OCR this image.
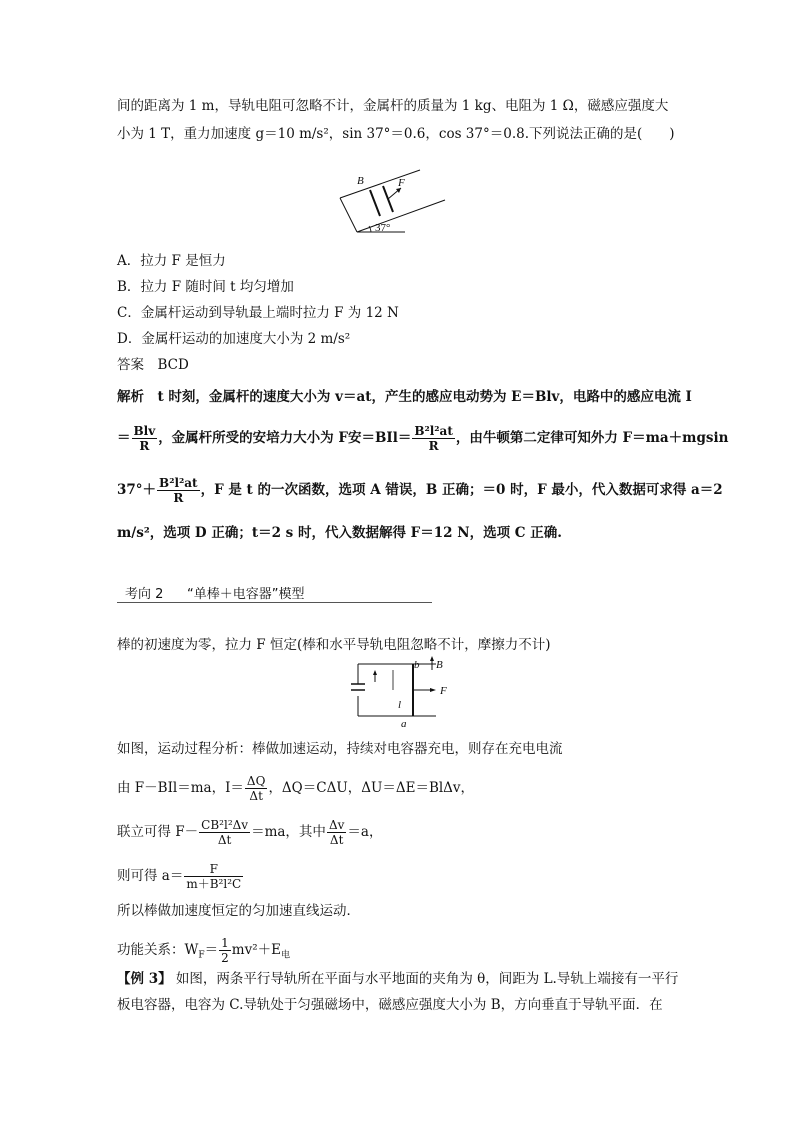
间的距离为 1 m，导轨电阻可忽略不计，金属杆的质量为 1 kg、电阻为 1 Ω，磁感应强度大
小为 1 T，重力加速度 g＝10 m/s²，sin 37°＝0.6，cos 37°＝0.8.下列说法正确的是(　　)
B	F
37°
A．拉力 F 是恒力
B．拉力 F 随时间 t 均匀增加
C．金属杆运动到导轨最上端时拉力 F 为 12 N
D．金属杆运动的加速度大小为 2 m/s²
答案　 BCD
解析　 t 时刻，金属杆的速度大小为 v＝at，产生的感应电动势为 E＝Blv，电路中的感应电流 I
＝ $\frac{\text{Blv}}{R}$ ，金属杆所受的安培力大小为 F安$=BIl= \frac{\text{B²l²at}}{R}$ ，由牛顿第二定律可知外力 F＝ma＋mgsin
$37^\circ+ \frac{\text{B²l²at}}{R}$ ，F 是 t 的一次函数，选项 A 错误，B 正确；＝0 时，F 最小，代入数据可求得 a＝2
m/s²，选项 D 正确；t＝2 s 时，代入数据解得 F＝12 N，选项 C 正确.
考向 2 “单棒＋电容器”模型
棒的初速度为零，拉力 F 恒定(棒和水平导轨电阻忽略不计，摩擦力不计)
b B
F
l
a
如图，运动过程分析：棒做加速运动，持续对电容器充电，则存在充电电流
由 F－BIl＝ma，$I= \frac{\Delta Q}{\Delta t}$ ，ΔQ＝CΔU，ΔU＝ΔE＝BlΔv，
联立可得 $F- \frac{\text{CB²l²Δv}}{\Delta t} =ma$，其中 $\frac{\Delta v}{\Delta t} =a$，
则可得 $a= \frac{F}{\text{m＋B²l²C}}$
所以棒做加速度恒定的匀加速直线运动．
功能关系：$W_F= \frac{1}{2} mv^2+E_电$
【例 3】 如图，两条平行导轨所在平面与水平地面的夹角为 θ，间距为 L.导轨上端接有一平行
板电容器，电容为 C.导轨处于匀强磁场中，磁感应强度大小为 B，方向垂直于导轨平面．在
